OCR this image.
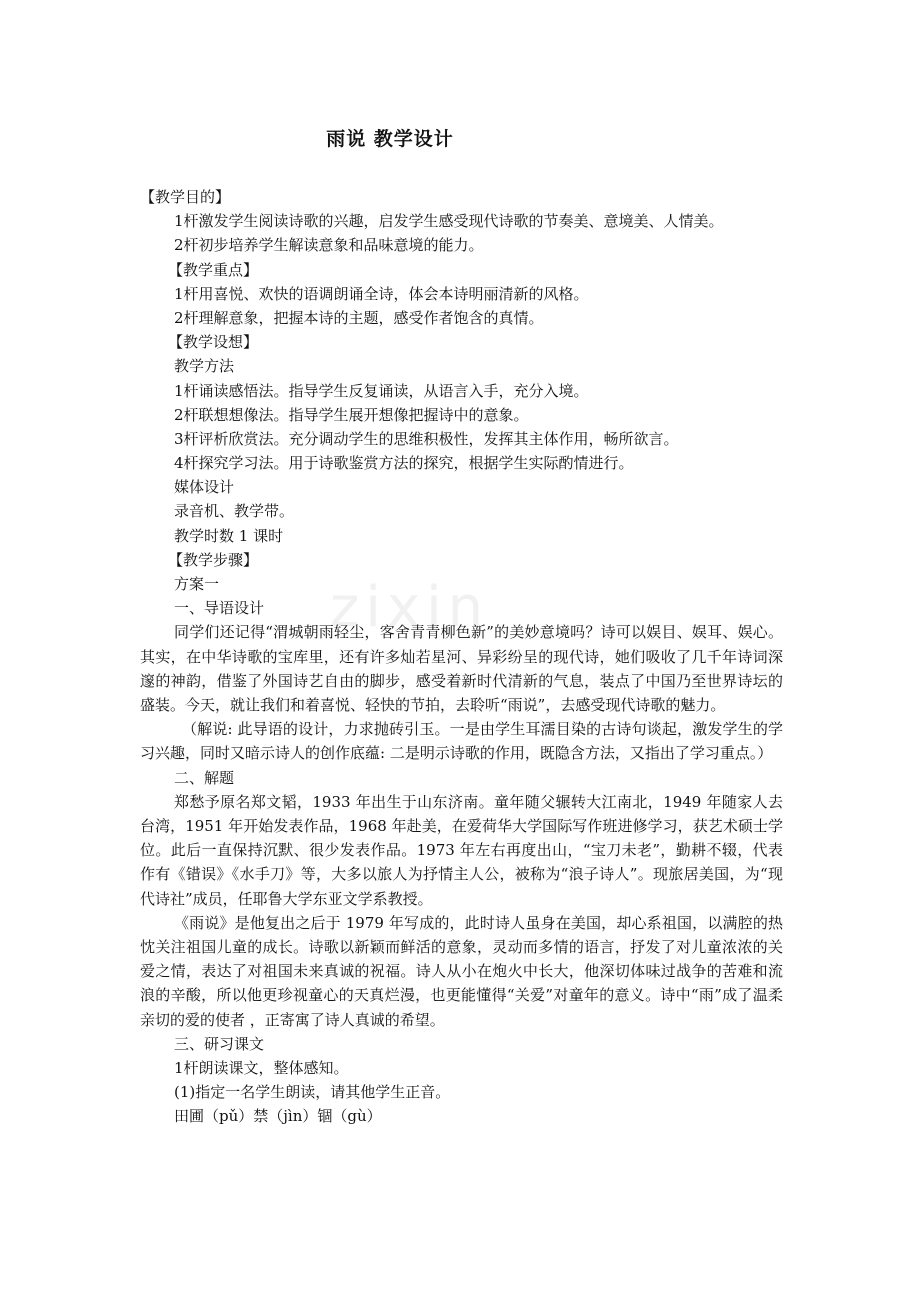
zixin
雨说 教学设计
【教学目的】
1杆激发学生阅读诗歌的兴趣，启发学生感受现代诗歌的节奏美、意境美、人情美。
2杆初步培养学生解读意象和品味意境的能力。
【教学重点】
1杆用喜悦、欢快的语调朗诵全诗，体会本诗明丽清新的风格。
2杆理解意象，把握本诗的主题，感受作者饱含的真情。
【教学设想】
教学方法
1杆诵读感悟法。指导学生反复诵读，从语言入手，充分入境。
2杆联想想像法。指导学生展开想像把握诗中的意象。
3杆评析欣赏法。充分调动学生的思维积极性，发挥其主体作用，畅所欲言。
4杆探究学习法。用于诗歌鉴赏方法的探究，根据学生实际酌情进行。
媒体设计
录音机、教学带。
教学时数 1 课时
【教学步骤】
方案一
一、导语设计
同学们还记得“渭城朝雨轻尘，客舍青青柳色新”的美妙意境吗？诗可以娱目、娱耳、娱心。其实，在中华诗歌的宝库里，还有许多灿若星河、异彩纷呈的现代诗，她们吸收了几千年诗词深邃的神韵，借鉴了外国诗艺自由的脚步，感受着新时代清新的气息，装点了中国乃至世界诗坛的盛装。今天，就让我们和着喜悦、轻快的节拍，去聆听“雨说”，去感受现代诗歌的魅力。
（解说: 此导语的设计，力求抛砖引玉。一是由学生耳濡目染的古诗句谈起，激发学生的学习兴趣，同时又暗示诗人的创作底蕴: 二是明示诗歌的作用，既隐含方法，又指出了学习重点。）
二、解题
郑愁予原名郑文韬，1933 年出生于山东济南。童年随父辗转大江南北，1949 年随家人去台湾，1951 年开始发表作品，1968 年赴美，在爱荷华大学国际写作班进修学习，获艺术硕士学位。此后一直保持沉默、很少发表作品。1973 年左右再度出山，“宝刀未老”，勤耕不辍，代表作有《错误》《水手刀》等，大多以旅人为抒情主人公，被称为“浪子诗人”。现旅居美国，为“现代诗社”成员，任耶鲁大学东亚文学系教授。
《雨说》是他复出之后于 1979 年写成的，此时诗人虽身在美国，却心系祖国，以满腔的热忱关注祖国儿童的成长。诗歌以新颖而鲜活的意象，灵动而多情的语言，抒发了对儿童浓浓的关爱之情，表达了对祖国未来真诚的祝福。诗人从小在炮火中长大，他深切体味过战争的苦难和流浪的辛酸，所以他更珍视童心的天真烂漫，也更能懂得“关爱”对童年的意义。诗中“雨”成了温柔亲切的爱的使者 ，正寄寓了诗人真诚的希望。
三、研习课文
1杆朗读课文，整体感知。
(1)指定一名学生朗读，请其他学生正音。
田圃（pǔ）禁（jìn）锢（gù）
